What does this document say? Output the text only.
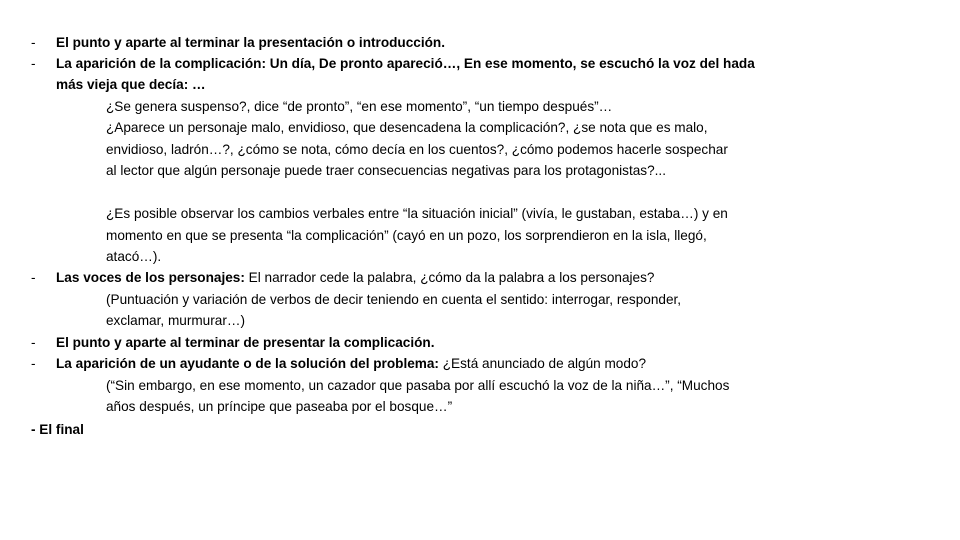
- El punto y aparte al terminar la presentación o introducción.
- La aparición de la complicación: Un día, De pronto apareció…, En ese momento, se escuchó la voz del hada
más vieja que decía: …
¿Se genera suspenso?, dice “de pronto”, “en ese momento”, “un tiempo después”…
¿Aparece un personaje malo, envidioso, que desencadena la complicación?, ¿se nota que es malo,
envidioso, ladrón…?, ¿cómo se nota, cómo decía en los cuentos?, ¿cómo podemos hacerle sospechar
al lector que algún personaje puede traer consecuencias negativas para los protagonistas?...
¿Es posible observar los cambios verbales entre “la situación inicial” (vivía, le gustaban, estaba…) y en
momento en que se presenta “la complicación” (cayó en un pozo, los sorprendieron en la isla, llegó,
atacó…).
- Las voces de los personajes: El narrador cede la palabra, ¿cómo da la palabra a los personajes?
(Puntuación y variación de verbos de decir teniendo en cuenta el sentido: interrogar, responder,
exclamar, murmurar…)
- El punto y aparte al terminar de presentar la complicación.
- La aparición de un ayudante o de la solución del problema: ¿Está anunciado de algún modo?
(“Sin embargo, en ese momento, un cazador que pasaba por allí escuchó la voz de la niña…”, “Muchos
años después, un príncipe que paseaba por el bosque…”
- El final
